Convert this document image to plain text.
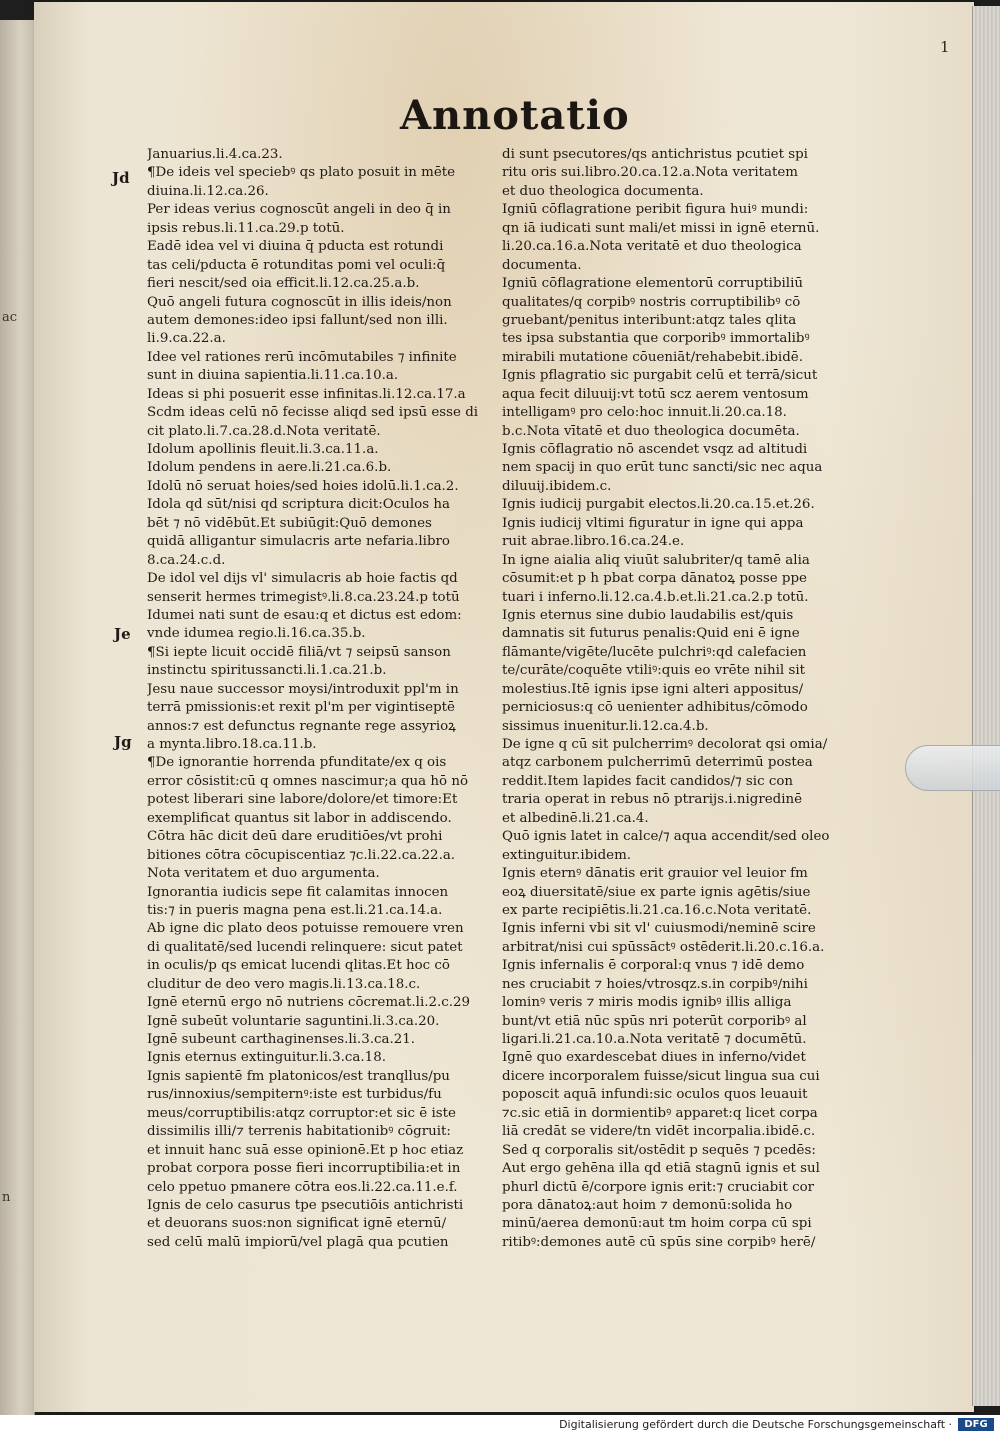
ac
n
1
Annotatio
Jd
Je
Jg
Januarius.li.4.ca.23.
¶De ideis vel speciebꝰ qs plato posuit in mēte
diuina.li.12.ca.26.
Per ideas verius cognoscūt angeli in deo q̄ in
ipsis rebus.li.11.ca.29.p totū.
Eadē idea vel vi diuina q̄ pducta est rotundi
tas celi/pducta ē rotunditas pomi vel oculi:q̄
fieri nescit/sed oia efficit.li.12.ca.25.a.b.
Quō angeli futura cognoscūt in illis ideis/non
autem demones:ideo ipsi fallunt/sed non illi.
li.9.ca.22.a.
Idee vel rationes rerū incōmutabiles ⁊ infinite
sunt in diuina sapientia.li.11.ca.10.a.
Ideas si phi posuerit esse infinitas.li.12.ca.17.a
Scdm ideas celū nō fecisse aliqd sed ipsū esse di
cit plato.li.7.ca.28.d.Nota veritatē.
Idolum apollinis fleuit.li.3.ca.11.a.
Idolum pendens in aere.li.21.ca.6.b.
Idolū nō seruat hoies/sed hoies idolū.li.1.ca.2.
Idola qd sūt/nisi qd scriptura dicit:Oculos ha
bēt ⁊ nō vidēbūt.Et subiūgit:Quō demones
quidā alligantur simulacris arte nefaria.libro
8.ca.24.c.d.
De idol vel dijs vl' simulacris ab hoie factis qd
senserit hermes trimegistꝰ.li.8.ca.23.24.p totū
Idumei nati sunt de esau:q et dictus est edom:
vnde idumea regio.li.16.ca.35.b.
¶Si iepte licuit occidē filiā/vt ⁊ seipsū sanson
instinctu spiritussancti.li.1.ca.21.b.
Jesu naue successor moysi/introduxit ppl'm in
terrā pmissionis:et rexit pl'm per vigintiseptē
annos:⁊ est defunctus regnante rege assyrioꝝ
a mynta.libro.18.ca.11.b.
¶De ignorantie horrenda pfunditate/ex q ois
error cōsistit:cū q omnes nascimur;a qua hō nō
potest liberari sine labore/dolore/et timore:Et
exemplificat quantus sit labor in addiscendo.
Cōtra hāc dicit deū dare eruditiōes/vt prohi
bitiones cōtra cōcupiscentiaz ⁊c.li.22.ca.22.a.
Nota veritatem et duo argumenta.
Ignorantia iudicis sepe fit calamitas innocen
tis:⁊ in pueris magna pena est.li.21.ca.14.a.
Ab igne dic plato deos potuisse remouere vren
di qualitatē/sed lucendi relinquere: sicut patet
in oculis/p qs emicat lucendi qlitas.Et hoc cō
cluditur de deo vero magis.li.13.ca.18.c.
Ignē eternū ergo nō nutriens cōcremat.li.2.c.29
Ignē subeūt voluntarie saguntini.li.3.ca.20.
Ignē subeunt carthaginenses.li.3.ca.21.
Ignis eternus extinguitur.li.3.ca.18.
Ignis sapientē fm platonicos/est tranqllus/pu
rus/innoxius/sempiternꝰ:iste est turbidus/fu
meus/corruptibilis:atqz corruptor:et sic ē iste
dissimilis illi/⁊ terrenis habitationibꝰ cōgruit:
et innuit hanc suā esse opinionē.Et p hoc etiaz
probat corpora posse fieri incorruptibilia:et in
celo ppetuo pmanere cōtra eos.li.22.ca.11.e.f.
Ignis de celo casurus tpe psecutiōis antichristi
et deuorans suos:non significat ignē eternū/
sed celū malū impiorū/vel plagā qua pcutien
di sunt psecutores/qs antichristus pcutiet spi
ritu oris sui.libro.20.ca.12.a.Nota veritatem
et duo theologica documenta.
Igniū cōflagratione peribit figura huiꝰ mundi:
qn iā iudicati sunt mali/et missi in ignē eternū.
li.20.ca.16.a.Nota veritatē et duo theologica
documenta.
Igniū cōflagratione elementorū corruptibiliū
qualitates/q corpibꝰ nostris corruptibilibꝰ cō
gruebant/penitus interibunt:atqz tales qlita
tes ipsa substantia que corporibꝰ immortalibꝰ
mirabili mutatione cōueniāt/rehabebit.ibidē.
Ignis pflagratio sic purgabit celū et terrā/sicut
aqua fecit diluuij:vt totū scz aerem ventosum
intelligamꝰ pro celo:hoc innuit.li.20.ca.18.
b.c.Nota vītatē et duo theologica documēta.
Ignis cōflagratio nō ascendet vsqz ad altitudi
nem spacij in quo erūt tunc sancti/sic nec aqua
diluuij.ibidem.c.
Ignis iudicij purgabit electos.li.20.ca.15.et.26.
Ignis iudicij vltimi figuratur in igne qui appa
ruit abrae.libro.16.ca.24.e.
In igne aialia aliq viuūt salubriter/q tamē alia
cōsumit:et p h pbat corpa dānatoꝝ posse ppe
tuari i inferno.li.12.ca.4.b.et.li.21.ca.2.p totū.
Ignis eternus sine dubio laudabilis est/quis
damnatis sit futurus penalis:Quid eni ē igne
flāmante/vigēte/lucēte pulchriꝰ:qd calefacien
te/curāte/coquēte vtiliꝰ:quis eo vrēte nihil sit
molestius.Itē ignis ipse igni alteri appositus/
perniciosus:q cō uenienter adhibitus/cōmodo
sissimus inuenitur.li.12.ca.4.b.
De igne q cū sit pulcherrimꝰ decolorat qsi omia/
atqz carbonem pulcherrimū deterrimū postea
reddit.Item lapides facit candidos/⁊ sic con
traria operat in rebus nō ptrarijs.i.nigredinē
et albedinē.li.21.ca.4.
Quō ignis latet in calce/⁊ aqua accendit/sed oleo
extinguitur.ibidem.
Ignis eternꝰ dānatis erit grauior vel leuior fm
eoꝝ diuersitatē/siue ex parte ignis agētis/siue
ex parte recipiētis.li.21.ca.16.c.Nota veritatē.
Ignis inferni vbi sit vl' cuiusmodi/neminē scire
arbitrat/nisi cui spūssāctꝰ ostēderit.li.20.c.16.a.
Ignis infernalis ē corporal:q vnus ⁊ idē demo
nes cruciabit ⁊ hoies/vtrosqz.s.in corpibꝰ/nihi
lominꝰ veris ⁊ miris modis ignibꝰ illis alliga
bunt/vt etiā nūc spūs nri poterūt corporibꝰ al
ligari.li.21.ca.10.a.Nota veritatē ⁊ documētū.
Ignē quo exardescebat diues in inferno/videt
dicere incorporalem fuisse/sicut lingua sua cui
poposcit aquā infundi:sic oculos quos leuauit
⁊c.sic etiā in dormientibꝰ apparet:q licet corpa
liā credāt se videre/tn vidēt incorpalia.ibidē.c.
Sed q corporalis sit/ostēdit p sequēs ⁊ pcedēs:
Aut ergo gehēna illa qd etiā stagnū ignis et sul
phurl dictū ē/corpore ignis erit:⁊ cruciabit cor
pora dānatoꝝ:aut hoim ⁊ demonū:solida ho
minū/aerea demonū:aut tm hoim corpa cū spi
ritibꝰ:demones autē cū spūs sine corpibꝰ herē/
Digitalisierung gefördert durch die Deutsche Forschungsgemeinschaft ·	DFG
